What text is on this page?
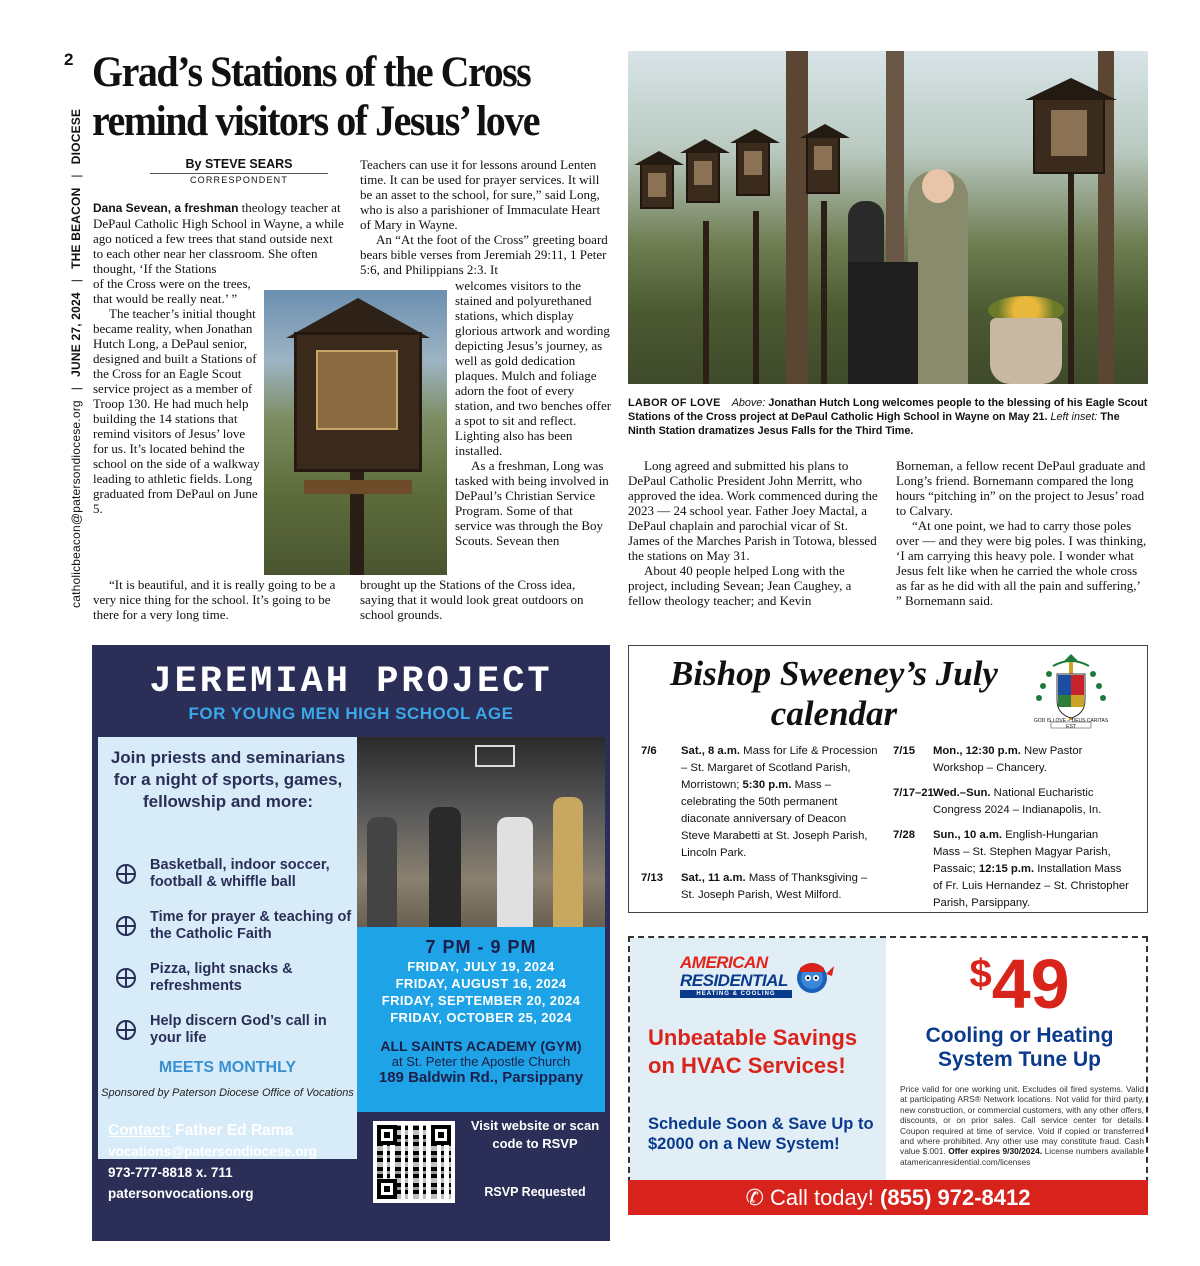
2
catholicbeacon@patersondiocese.org|JUNE 27, 2024|THE BEACON|DIOCESE
Grad’s Stations of the Cross remind visitors of Jesus’ love
By STEVE SEARS
CORRESPONDENT

Dana Sevean, a freshman theology teacher at DePaul Catholic High School in Wayne, a while ago noticed a few trees that stand outside next to each other near her classroom. She often thought, ‘If the Stations

of the Cross were on the trees, that would be really neat.’ ”

The teacher’s initial thought became reality, when Jonathan Hutch Long, a DePaul senior, designed and built a Stations of the Cross for an Eagle Scout service project as a member of Troop 130. He had much help building the 14 stations that remind visitors of Jesus’ love for us. It’s located behind the school on the side of a walkway leading to athletic fields. Long graduated from DePaul on June 5.

“It is beautiful, and it is really going to be a very nice thing for the school. It’s going to be there for a very long time.

Teachers can use it for lessons around Lenten time. It can be used for prayer services. It will be an asset to the school, for sure,” said Long, who is also a parishioner of Immaculate Heart of Mary in Wayne.

An “At the foot of the Cross” greeting board bears bible verses from Jeremiah 29:11, 1 Peter 5:6, and Philippians 2:3. It

welcomes visitors to the stained and polyurethaned stations, which display glorious artwork and wording depicting Jesus’s journey, as well as gold dedication plaques. Mulch and foliage adorn the foot of every station, and two benches offer a spot to sit and reflect. Lighting also has been installed.

As a freshman, Long was tasked with being involved in DePaul’s Christian Service Program. Some of that service was through the Boy Scouts. Sevean then

brought up the Stations of the Cross idea, saying that it would look great outdoors on school grounds.

LABOR OF LOVE Above: Jonathan Hutch Long welcomes people to the blessing of his Eagle Scout Stations of the Cross project at DePaul Catholic High School in Wayne on May 21. Left inset: The Ninth Station dramatizes Jesus Falls for the Third Time.

Long agreed and submitted his plans to DePaul Catholic President John Merritt, who approved the idea. Work commenced during the 2023 — 24 school year. Father Joey Mactal, a DePaul chaplain and parochial vicar of St. James of the Marches Parish in Totowa, blessed the stations on May 31.

About 40 people helped Long with the project, including Sevean; Jean Caughey, a fellow theology teacher; and Kevin

Borneman, a fellow recent DePaul graduate and Long’s friend. Bornemann compared the long hours “pitching in” on the project to Jesus’ road to Calvary.

“At one point, we had to carry those poles over — and they were big poles. I was thinking, ‘I am carrying this heavy pole. I wonder what Jesus felt like when he carried the whole cross as far as he did with all the pain and suffering,’ ” Bornemann said.

JEREMIAH PROJECT
FOR YOUNG MEN HIGH SCHOOL AGE
Join priests and seminarians for a night of sports, games, fellowship and more:
Basketball, indoor soccer, football & whiffle ball
Time for prayer & teaching of the Catholic Faith
Pizza, light snacks & refreshments
Help discern God’s call in your life
MEETS MONTHLY
Sponsored by Paterson Diocese Office of Vocations
7 PM - 9 PM
FRIDAY, JULY 19, 2024
FRIDAY, AUGUST 16, 2024
FRIDAY, SEPTEMBER 20, 2024
FRIDAY, OCTOBER 25, 2024
ALL SAINTS ACADEMY (GYM)
at St. Peter the Apostle Church
189 Baldwin Rd., Parsippany
Contact: Father Ed Rama
vocations@patersondiocese.org
973-777-8818 x. 711
patersonvocations.org
Visit website or scan code to RSVP
RSVP Requested
Bishop Sweeney’s July calendar	GOD IS LOVE – DEUS CARITAS EST
7/6 Sat., 8 a.m. Mass for Life & Procession
– St. Margaret of Scotland Parish,
Morristown; 5:30 p.m. Mass –
celebrating the 50th permanent
diaconate anniversary of Deacon
Steve Marabetti at St. Joseph Parish,
Lincoln Park.
7/13 Sat., 11 a.m. Mass of Thanksgiving –
St. Joseph Parish, West Milford.
7/15 Mon., 12:30 p.m. New Pastor
Workshop – Chancery.
7/17–21 Wed.–Sun. National Eucharistic
Congress 2024 – Indianapolis, In.
7/28 Sun., 10 a.m. English-Hungarian
Mass – St. Stephen Magyar Parish,
Passaic; 12:15 p.m. Installation Mass
of Fr. Luis Hernandez – St. Christopher
Parish, Parsippany.
AMERICAN
RESIDENTIAL
HEATING & COOLING
Unbeatable Savings on HVAC Services!
Schedule Soon & Save Up to $2000 on a New System!
$49
Cooling or Heating System Tune Up
Price valid for one working unit. Excludes oil fired systems. Valid at participating ARS® Network locations. Not valid for third party, new construction, or commercial customers, with any other offers, discounts, or on prior sales. Call service center for details. Coupon required at time of service. Void if copied or transferred and where prohibited. Any other use may constitute fraud. Cash value $.001. Offer expires 9/30/2024. License numbers available atamericanresidential.com/licenses
✆ Call today! (855) 972-8412
